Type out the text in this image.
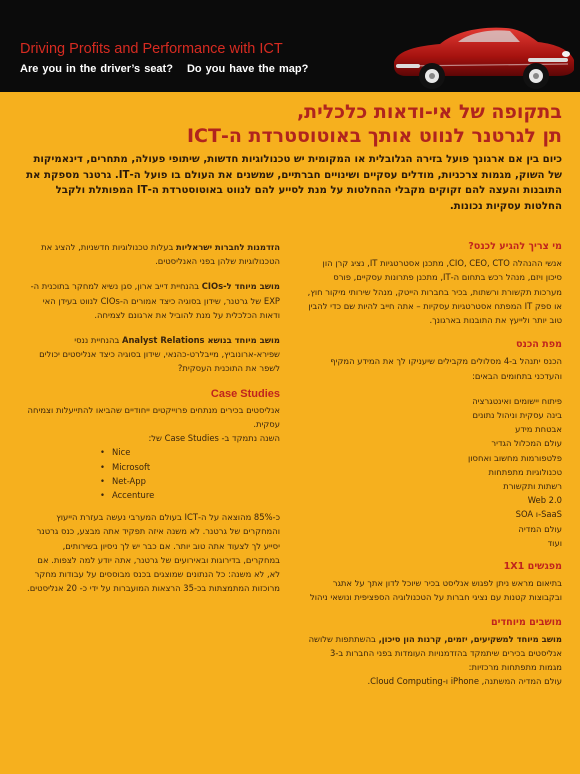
Driving Profits and Performance with ICT
Are you in the driver’s seat? Do you have the map?
בתקופה של אי-ודאות כלכלית,
תן לגרטנר לנווט אותך באוטוסטרדת ה-ICT
כיום בין אם ארגונך פועל בזירה הגלובלית או המקומית יש טכנולוגיות חדשות, שיתופי פעולה, מתחרים, דינאמיקות של השוק, מגמות צרכניות, מודלים עסקיים ושינויים חברתיים, שמשנים את העולם בו פועל ה-IT. גרטנר מספקת את התובנות והעצה להם זקוקים מקבלי ההחלטות על מנת לסייע להם לנווט באוטוסטרדת ה-IT המפותלת ולקבל החלטות עסקיות נכונות.
מי צריך להגיע לכנס?

אנשי ההנהלה CIO, CEO, CTO, מתכנן אסטרטגיות IT, נציג קרן הון סיכון ויזם, מנהל רכש בתחום ה-IT, מתכנן פתרונות עסקיים, פורס מערכות תקשורת ורשתות, בכיר בחברות הייטק, מנהל שירותי מיקור חוץ, או ספק IT המפתח אסטרטגיות עסקיות – אתה חייב להיות שם כדי להבין טוב יותר ולייעץ את התובנות בארגונך.

מפת הכנס

הכנס יתנהל ב-4 מסלולים מקבילים שיעניקו לך את המידע המקיף והעדכני בתחומים הבאים:

פיתוח יישומים ואינטגרציה
בינה עסקית וניהול נתונים
אבטחת מידע
עולם המכלול הגדיר
פלטפורמות מחשוב ואחסון
טכנולוגיות מתפתחות
רשתות ותקשורת
Web 2.0
SaaS-ו SOA
עולם המדיה
ועוד
מפגשים 1X1

בתיאום מראש ניתן לפגוש אנליסט בכיר שיוכל לדון אתך על אתגר ובקבוצות קטנות עם נציגי חברות על הטכנולוגיה הספציפית ונושאי ניהול

מושבים מיוחדים
מושב מיוחד למשקיעים, יזמים, קרנות הון סיכון, בהשתתפות שלושה אנליסטים בכירים שיתמקד בהזדמנויות העומדות בפני החברות ב-3 מגמות מתפתחות מרכזיות:
עולם המדיה המשתנה, iPhone ו-Cloud Computing.

הזדמנות לחברות ישראליות בעלות טכנולוגיות חדשניות, להציג את הטכנולוגיות שלהן בפני האנליסטים.

מושב מיוחד ל-CIOs בהנחיית דייב ארון, סגן נשיא למחקר בתוכנית ה-EXP של גרטנר, שידון בסוגיה כיצד אמורים ה-CIOs לנווט בעידן האי ודאות הכלכלית על מנת להוביל את ארגונם לצמיחה.

מושב מיוחד בנושא Analyst Relations בהנחיית ננסי שפירא-ארונוביץ, מייבלרט-כהנאי, שידון בסוגיה כיצד אנליסטים יכולים לשפר את התוכנית העסקית?

Case Studies
אנליסטים בכירים מנתחים פרוייקטים ייחודיים שהביאו להתייעלות וצמיחה עסקית.
השנה נתמקד ב- Case Studies של:
• Nice
• Microsoft
• Net-App
• Accenture

כ-85% מהוצאה על ה-ICT בעולם המערבי נעשה בעזרת הייעוץ והמחקרים של גרטנר. לא משנה איזה תפקיד אתה מבצע, כנס גרטנר יסייע לך לצעוד אתה טוב יותר. אם כבר יש לך ניסיון בשירותים, במחקרים, בדירוגות ובאירועים של גרטנר, אתה יודע למה לצפות. אם לא, לא משנה: כל הנתונים שמוצגים בכנס מבוססים על עבודות מחקר מרוכזות המתמצתות בכ-35 הרצאות המועברות על ידי כ- 20 אנליסטים.
